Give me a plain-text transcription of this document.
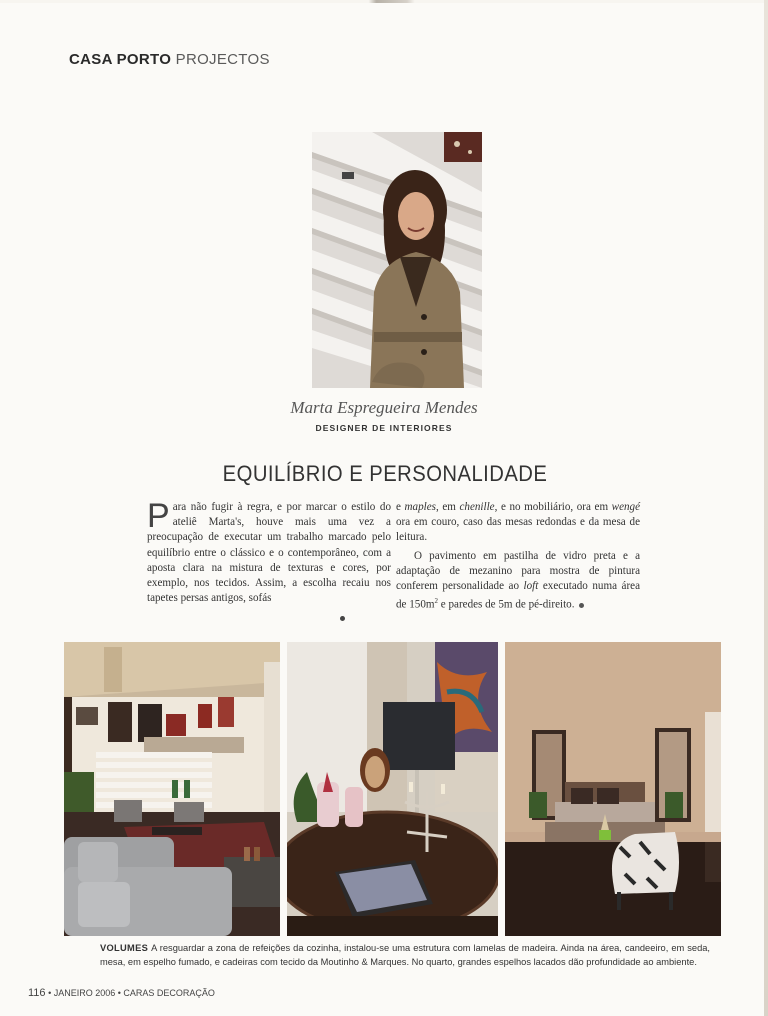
CASA PORTO PROJECTOS
Marta Espregueira Mendes
DESIGNER DE INTERIORES
EQUILÍBRIO E PERSONALIDADE

Para não fugir à regra, e por marcar o estilo do ateliê Marta's, houve mais uma vez a preocupação de executar um trabalho marcado pelo equilíbrio entre o clássico e o contemporâneo, com a aposta clara na mistura de texturas e cores, por exemplo, nos tecidos. Assim, a escolha recaiu nos tapetes persas antigos, sofás

e maples, em chenille, e no mobiliário, ora em wengé ora em couro, caso das mesas redondas e da mesa de leitura.

O pavimento em pastilha de vidro preta e a adaptação de mezanino para mostra de pintura conferem personalidade ao loft executado numa área de $150m^2$ e paredes de 5m de pé-direito.

VOLUMES A resguardar a zona de refeições da cozinha, instalou-se uma estrutura com lamelas de madeira. Ainda na área, candeeiro, em seda, mesa, em espelho fumado, e cadeiras com tecido da Moutinho & Marques. No quarto, grandes espelhos lacados dão profundidade ao ambiente.
116 • JANEIRO 2006 • CARAS DECORAÇÃO
